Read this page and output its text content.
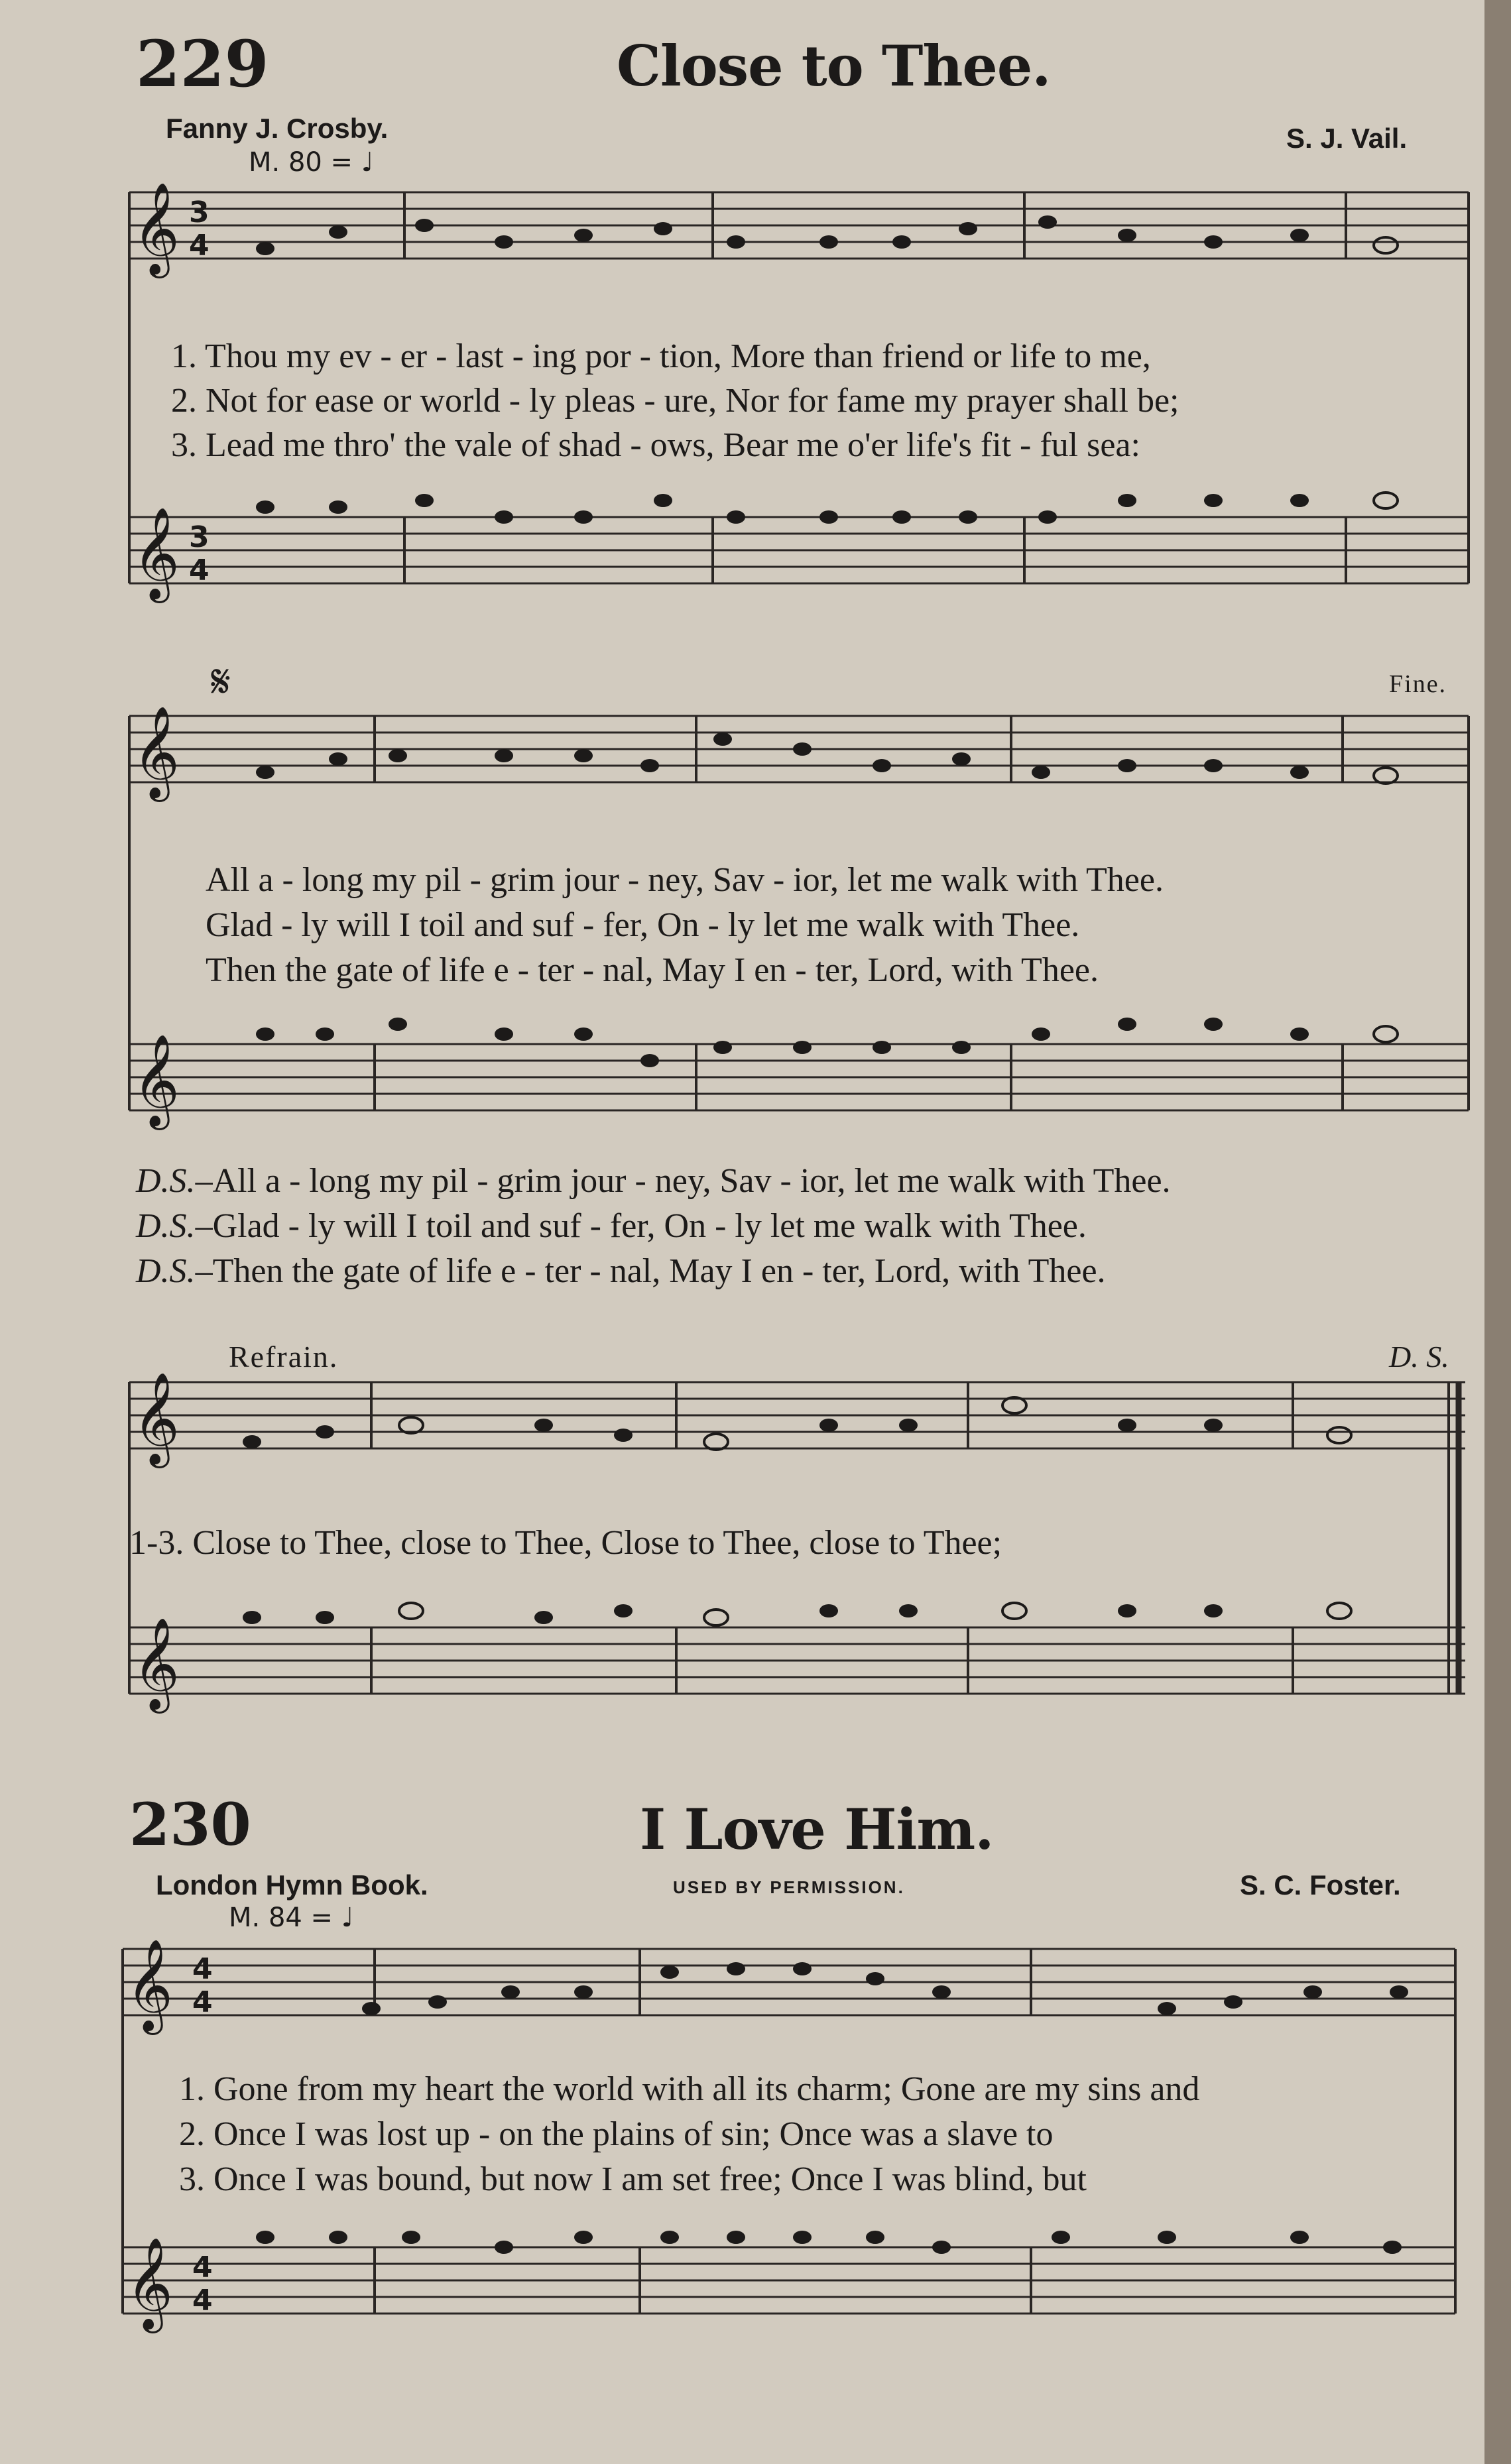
229	Close to Thee.
Fanny J. Crosby.	S. J. Vail.
M. 80 = ♩
𝄞
𝄞
𝄞
𝄞
𝄞
𝄞
𝄞
𝄞
3
4
3
4
4
4
4
4
1. Thou my ev - er - last - ing por - tion, More than friend or life to me,
2. Not for ease or world - ly pleas - ure, Nor for fame my prayer shall be;
3. Lead me thro' the vale of shad - ows, Bear me o'er life's fit - ful sea:
𝄋	Fine.
All a - long my pil - grim jour - ney, Sav - ior, let me walk with Thee.
Glad - ly will I toil and suf - fer, On - ly let me walk with Thee.
Then the gate of life e - ter - nal, May I en - ter, Lord, with Thee.
D.S.–All a - long my pil - grim jour - ney, Sav - ior, let me walk with Thee.
D.S.–Glad - ly will I toil and suf - fer, On - ly let me walk with Thee.
D.S.–Then the gate of life e - ter - nal, May I en - ter, Lord, with Thee.
Refrain.	D. S.
1-3. Close to Thee, close to Thee, Close to Thee, close to Thee;
230	I Love Him.
London Hymn Book.	USED BY PERMISSION.	S. C. Foster.
M. 84 = ♩
1. Gone from my heart the world with all its charm; Gone are my sins and
2. Once I was lost up - on the plains of sin; Once was a slave to
3. Once I was bound, but now I am set free; Once I was blind, but
